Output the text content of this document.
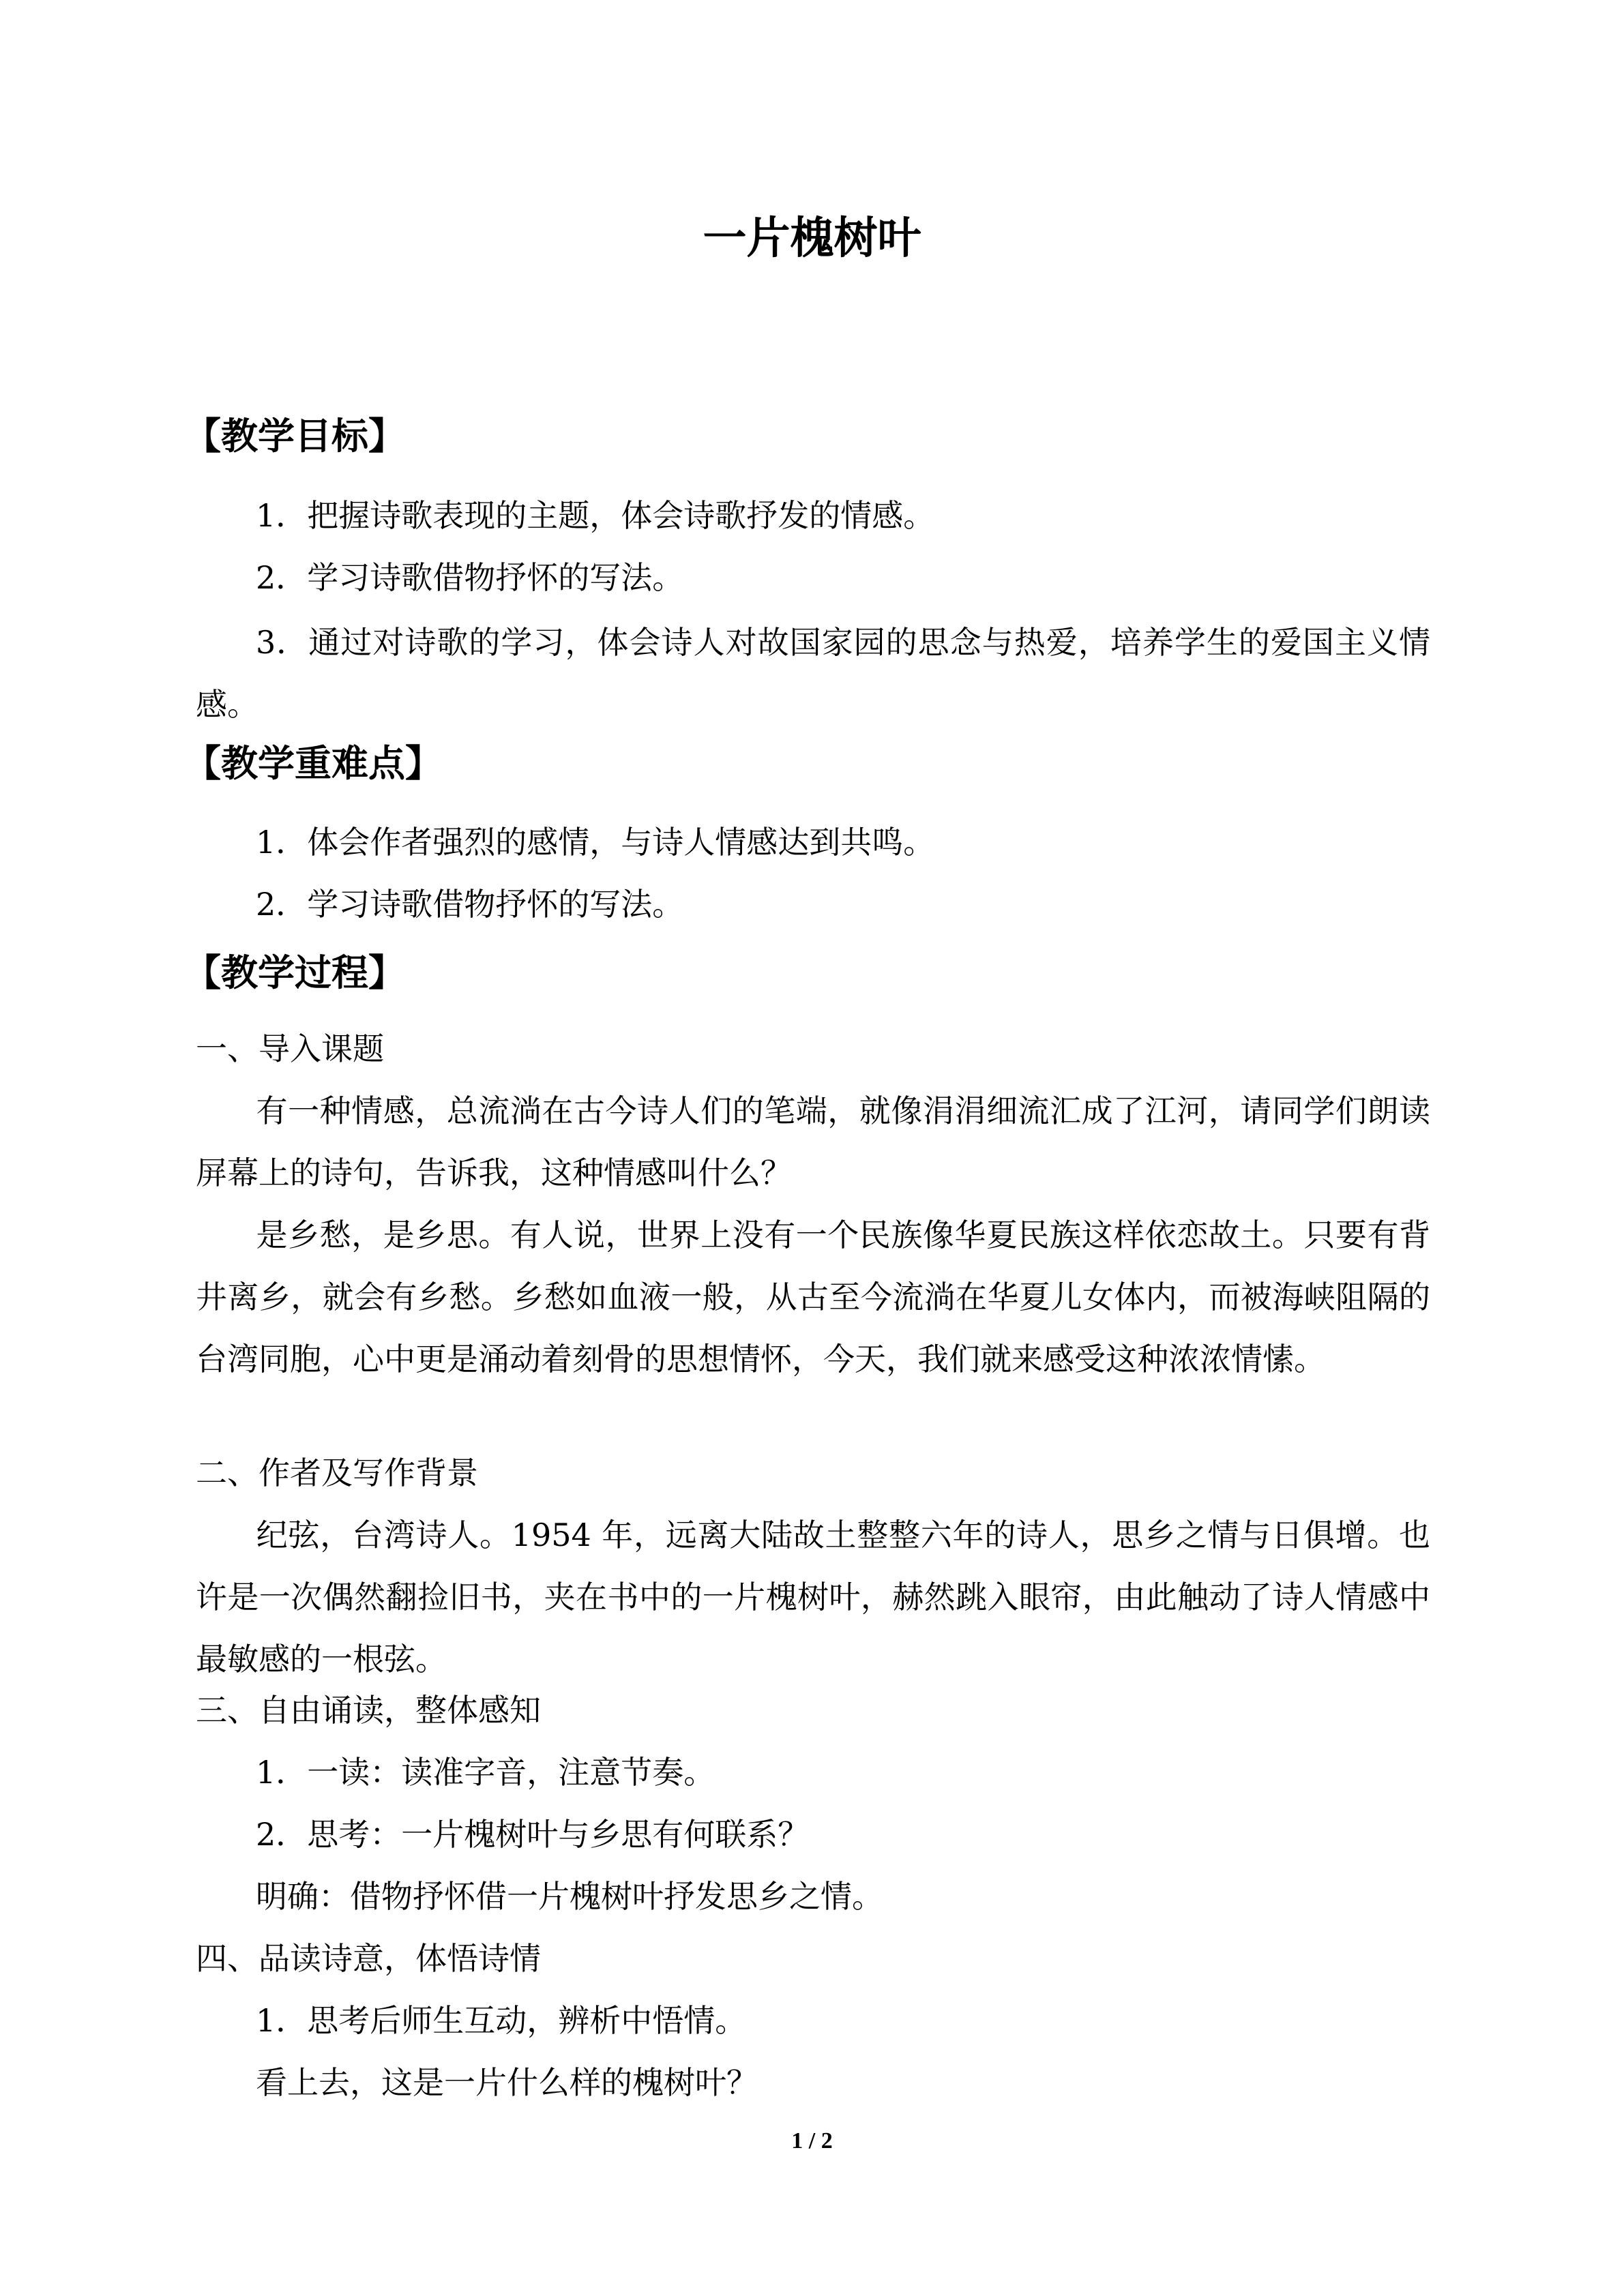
一片槐树叶
【教学目标】
1．把握诗歌表现的主题，体会诗歌抒发的情感。
2．学习诗歌借物抒怀的写法。

3．通过对诗歌的学习，体会诗人对故国家园的思念与热爱，培养学生的爱国主义情感。

【教学重难点】
1．体会作者强烈的感情，与诗人情感达到共鸣。
2．学习诗歌借物抒怀的写法。
【教学过程】
一、导入课题

有一种情感，总流淌在古今诗人们的笔端，就像涓涓细流汇成了江河，请同学们朗读屏幕上的诗句，告诉我，这种情感叫什么？

是乡愁，是乡思。有人说，世界上没有一个民族像华夏民族这样依恋故土。只要有背井离乡，就会有乡愁。乡愁如血液一般，从古至今流淌在华夏儿女体内，而被海峡阻隔的台湾同胞，心中更是涌动着刻骨的思想情怀，今天，我们就来感受这种浓浓情愫。

二、作者及写作背景

纪弦，台湾诗人。1954 年，远离大陆故土整整六年的诗人，思乡之情与日俱增。也许是一次偶然翻捡旧书，夹在书中的一片槐树叶，赫然跳入眼帘，由此触动了诗人情感中最敏感的一根弦。

三、自由诵读，整体感知
1．一读：读准字音，注意节奏。
2．思考：一片槐树叶与乡思有何联系？
明确：借物抒怀借一片槐树叶抒发思乡之情。
四、品读诗意，体悟诗情
1．思考后师生互动，辨析中悟情。
看上去，这是一片什么样的槐树叶？
1 / 2
